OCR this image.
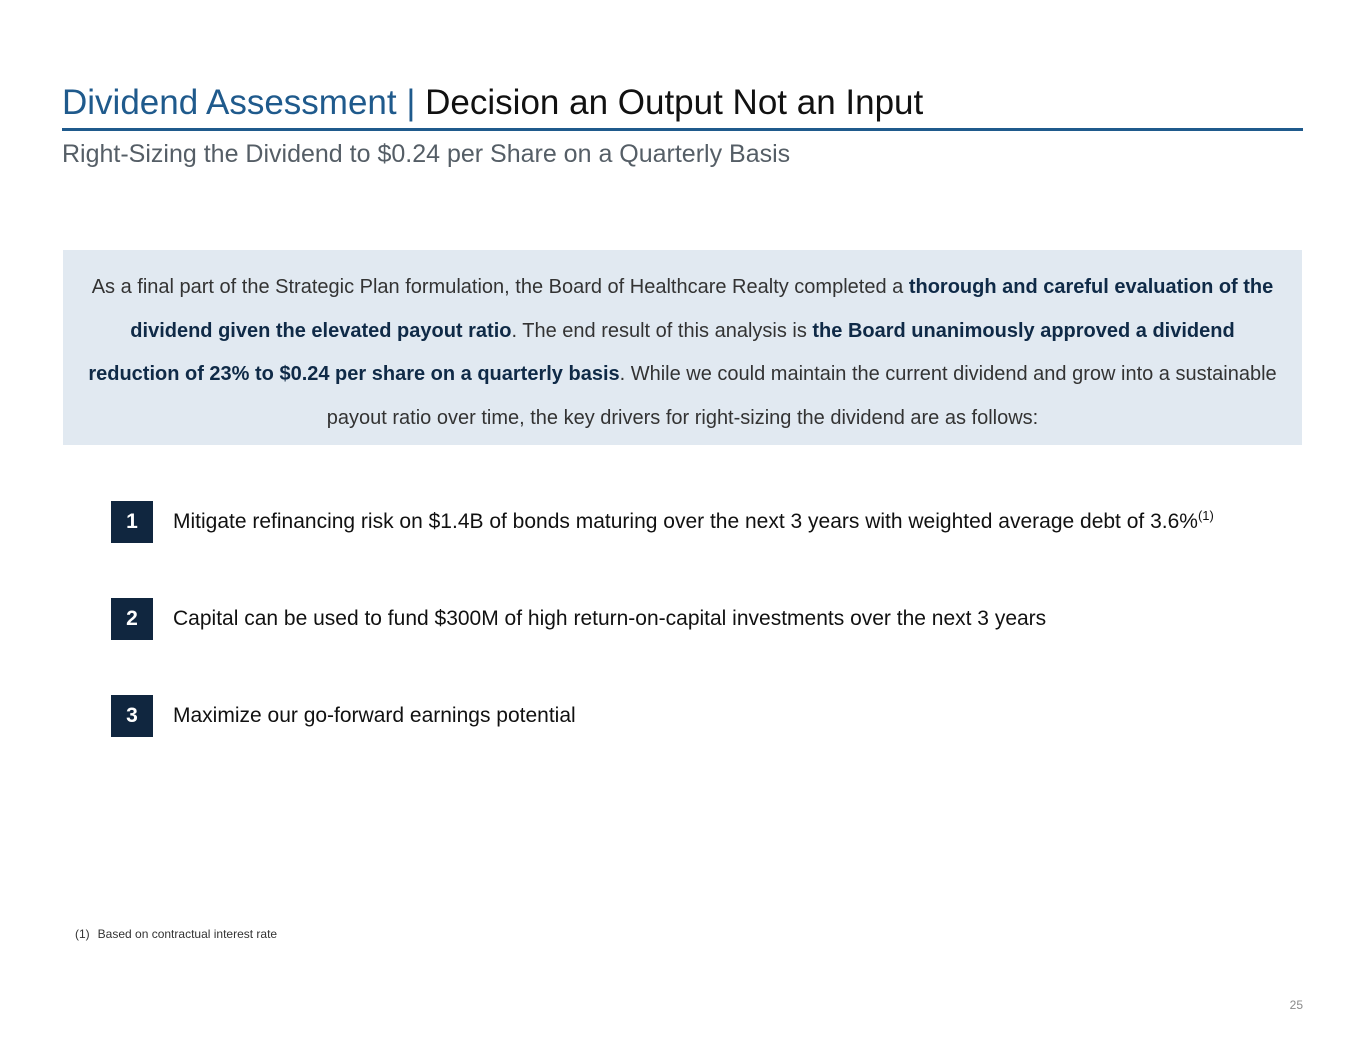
Dividend Assessment | Decision an Output Not an Input
Right-Sizing the Dividend to $0.24 per Share on a Quarterly Basis
As a final part of the Strategic Plan formulation, the Board of Healthcare Realty completed a thorough and careful evaluation of the dividend given the elevated payout ratio. The end result of this analysis is the Board unanimously approved a dividend reduction of 23% to $0.24 per share on a quarterly basis. While we could maintain the current dividend and grow into a sustainable payout ratio over time, the key drivers for right-sizing the dividend are as follows:
1	Mitigate refinancing risk on $1.4B of bonds maturing over the next 3 years with weighted average debt of 3.6%$^{(1)}$
2	Capital can be used to fund $300M of high return-on-capital investments over the next 3 years
3	Maximize our go-forward earnings potential
(1) Based on contractual interest rate
25
